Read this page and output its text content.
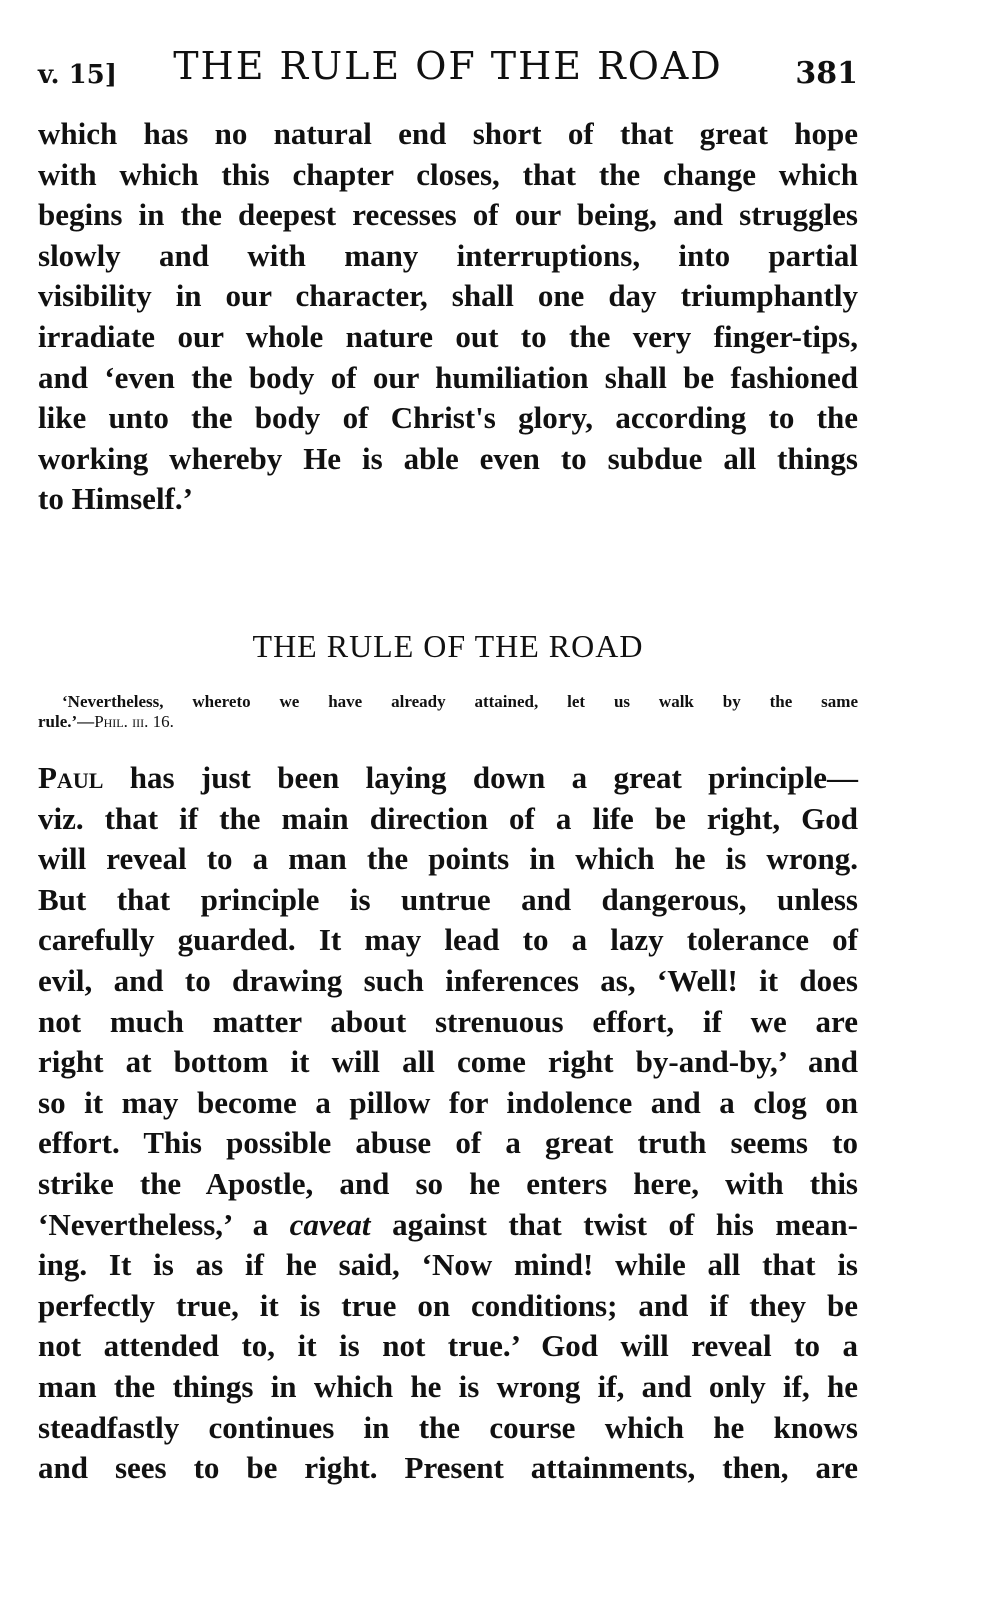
v. 15]	THE RULE OF THE ROAD	381
which has no natural end short of that great hope
with which this chapter closes, that the change which
begins in the deepest recesses of our being, and struggles
slowly and with many interruptions, into partial
visibility in our character, shall one day triumphantly
irradiate our whole nature out to the very finger-tips,
and ‘even the body of our humiliation shall be fashioned
like unto the body of Christ's glory, according to the
working whereby He is able even to subdue all things
to Himself.’
THE RULE OF THE ROAD
‘Nevertheless, whereto we have already attained, let us walk by the same
rule.’—Phil. iii. 16.
Paul has just been laying down a great principle—
viz. that if the main direction of a life be right, God
will reveal to a man the points in which he is wrong.
But that principle is untrue and dangerous, unless
carefully guarded. It may lead to a lazy tolerance of
evil, and to drawing such inferences as, ‘Well! it does
not much matter about strenuous effort, if we are
right at bottom it will all come right by-and-by,’ and
so it may become a pillow for indolence and a clog on
effort. This possible abuse of a great truth seems to
strike the Apostle, and so he enters here, with this
‘Nevertheless,’ a caveat against that twist of his mean-
ing. It is as if he said, ‘Now mind! while all that is
perfectly true, it is true on conditions; and if they be
not attended to, it is not true.’ God will reveal to a
man the things in which he is wrong if, and only if, he
steadfastly continues in the course which he knows
and sees to be right. Present attainments, then, are
